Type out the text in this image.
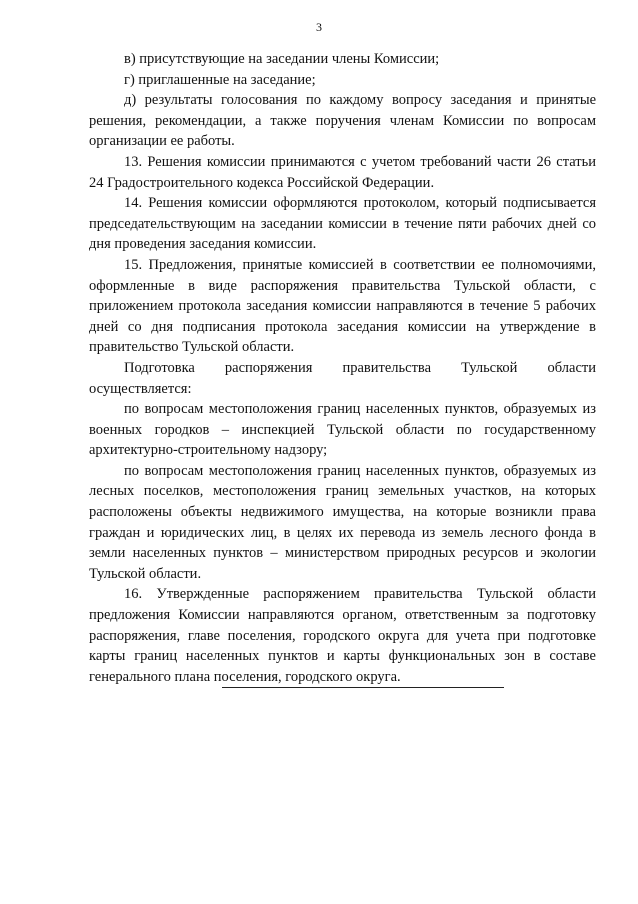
3

в) присутствующие на заседании члены Комиссии;

г) приглашенные на заседание;

д) результаты голосования по каждому вопросу заседания и принятые решения, рекомендации, а также поручения членам Комиссии по вопросам организации ее работы.

13. Решения комиссии принимаются с учетом требований части 26 статьи 24 Градостроительного кодекса Российской Федерации.

14. Решения комиссии оформляются протоколом, который подписывается председательствующим на заседании комиссии в течение пяти рабочих дней со дня проведения заседания комиссии.

15. Предложения, принятые комиссией в соответствии ее полномочиями, оформленные в виде распоряжения правительства Тульской области, с приложением протокола заседания комиссии направляются в течение 5 рабочих дней со дня подписания протокола заседания комиссии на утверждение в правительство Тульской области.

Подготовка распоряжения правительства Тульской области осуществляется:

по вопросам местоположения границ населенных пунктов, образуемых из военных городков – инспекцией Тульской области по государственному архитектурно-строительному надзору;

по вопросам местоположения границ населенных пунктов, образуемых из лесных поселков, местоположения границ земельных участков, на которых расположены объекты недвижимого имущества, на которые возникли права граждан и юридических лиц, в целях их перевода из земель лесного фонда в земли населенных пунктов – министерством природных ресурсов и экологии Тульской области.

16. Утвержденные распоряжением правительства Тульской области предложения Комиссии направляются органом, ответственным за подготовку распоряжения, главе поселения, городского округа для учета при подготовке карты границ населенных пунктов и карты функциональных зон в составе генерального плана поселения, городского округа.
